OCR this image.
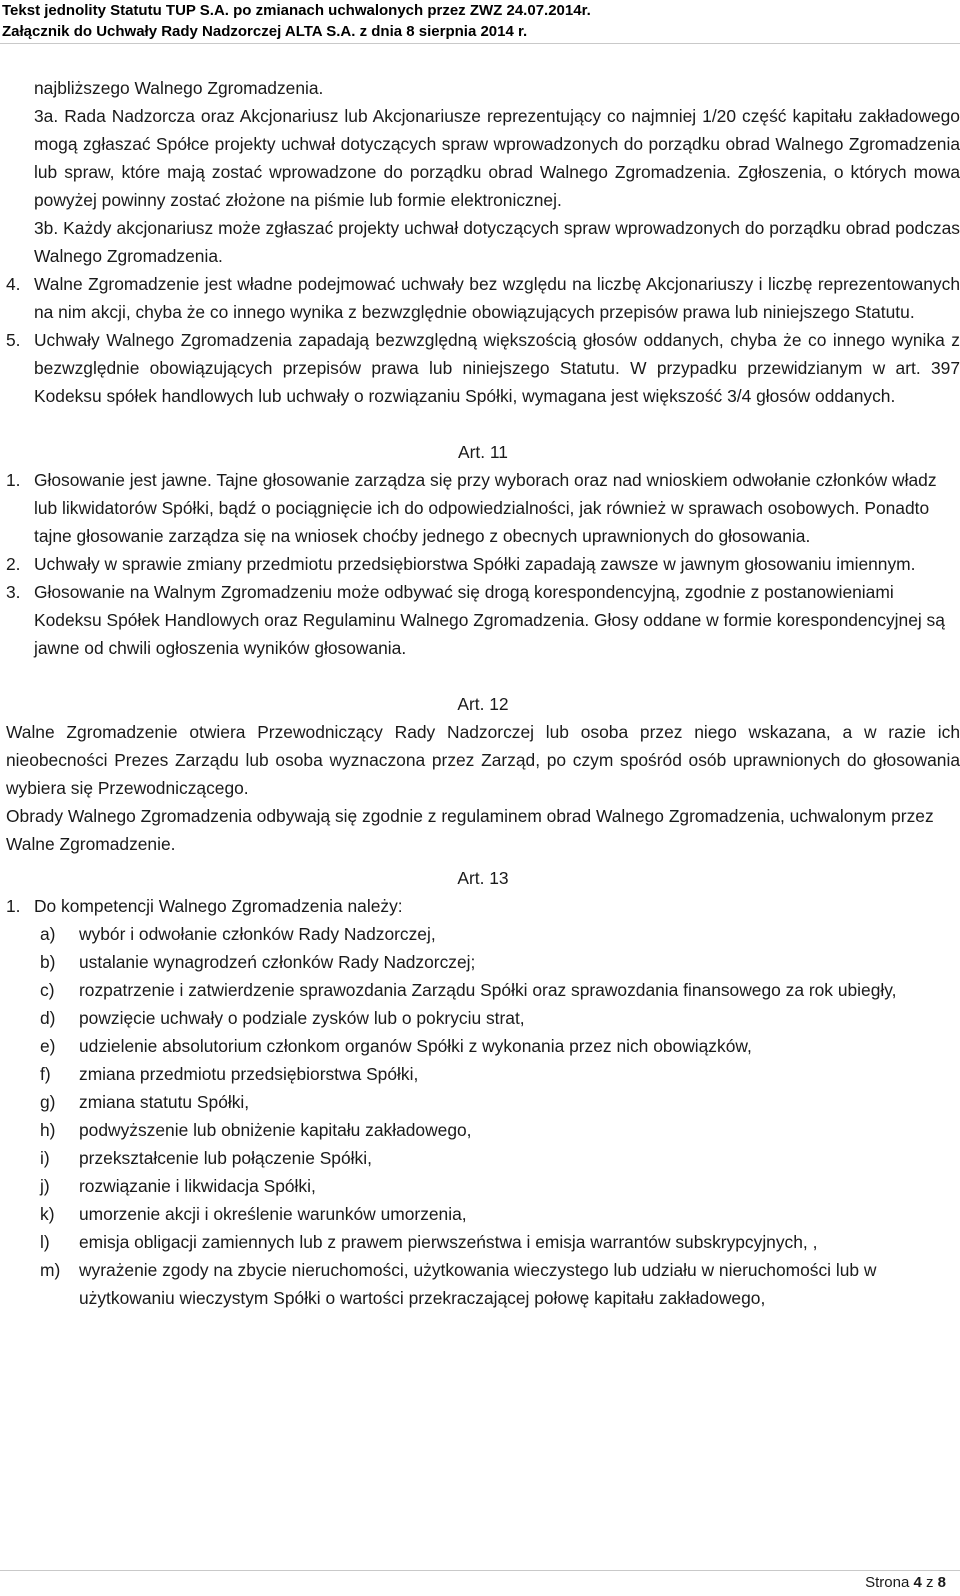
Tekst jednolity Statutu TUP S.A. po zmianach uchwalonych przez ZWZ 24.07.2014r.
Załącznik do Uchwały Rady Nadzorczej ALTA S.A. z dnia 8 sierpnia 2014 r.

najbliższego Walnego Zgromadzenia.

3a. Rada Nadzorcza oraz Akcjonariusz lub Akcjonariusze reprezentujący co najmniej 1/20 część kapitału zakładowego mogą zgłaszać Spółce projekty uchwał dotyczących spraw wprowadzonych do porządku obrad Walnego Zgromadzenia lub spraw, które mają zostać wprowadzone do porządku obrad Walnego Zgromadzenia. Zgłoszenia, o których mowa powyżej powinny zostać złożone na piśmie lub formie elektronicznej.

3b. Każdy akcjonariusz może zgłaszać projekty uchwał dotyczących spraw wprowadzonych do porządku obrad podczas Walnego Zgromadzenia.

4. Walne Zgromadzenie jest władne podejmować uchwały bez względu na liczbę Akcjonariuszy i liczbę reprezentowanych na nim akcji, chyba że co innego wynika z bezwzględnie obowiązujących przepisów prawa lub niniejszego Statutu.

5. Uchwały Walnego Zgromadzenia zapadają bezwzględną większością głosów oddanych, chyba że co innego wynika z bezwzględnie obowiązujących przepisów prawa lub niniejszego Statutu. W przypadku przewidzianym w art. 397 Kodeksu spółek handlowych lub uchwały o rozwiązaniu Spółki, wymagana jest większość 3/4 głosów oddanych.

Art. 11

1. Głosowanie jest jawne. Tajne głosowanie zarządza się przy wyborach oraz nad wnioskiem odwołanie członków władz lub likwidatorów Spółki, bądź o pociągnięcie ich do odpowiedzialności, jak również w sprawach osobowych. Ponadto tajne głosowanie zarządza się na wniosek choćby jednego z obecnych uprawnionych do głosowania.

2. Uchwały w sprawie zmiany przedmiotu przedsiębiorstwa Spółki zapadają zawsze w jawnym głosowaniu imiennym.

3. Głosowanie na Walnym Zgromadzeniu może odbywać się drogą korespondencyjną, zgodnie z postanowieniami Kodeksu Spółek Handlowych oraz Regulaminu Walnego Zgromadzenia. Głosy oddane w formie korespondencyjnej są jawne od chwili ogłoszenia wyników głosowania.

Art. 12

Walne Zgromadzenie otwiera Przewodniczący Rady Nadzorczej lub osoba przez niego wskazana, a w razie ich nieobecności Prezes Zarządu lub osoba wyznaczona przez Zarząd, po czym spośród osób uprawnionych do głosowania wybiera się Przewodniczącego.

Obrady Walnego Zgromadzenia odbywają się zgodnie z regulaminem obrad Walnego Zgromadzenia, uchwalonym przez Walne Zgromadzenie.

Art. 13

1. Do kompetencji Walnego Zgromadzenia należy:

a) wybór i odwołanie członków Rady Nadzorczej,
b) ustalanie wynagrodzeń członków Rady Nadzorczej;
c) rozpatrzenie i zatwierdzenie sprawozdania Zarządu Spółki oraz sprawozdania finansowego za rok ubiegły,
d) powzięcie uchwały o podziale zysków lub o pokryciu strat,
e) udzielenie absolutorium członkom organów Spółki z wykonania przez nich obowiązków,
f) zmiana przedmiotu przedsiębiorstwa Spółki,
g) zmiana statutu Spółki,
h) podwyższenie lub obniżenie kapitału zakładowego,
i) przekształcenie lub połączenie Spółki,
j) rozwiązanie i likwidacja Spółki,
k) umorzenie akcji i określenie warunków umorzenia,
l) emisja obligacji zamiennych lub z prawem pierwszeństwa i emisja warrantów subskrypcyjnych, ,
m) wyrażenie zgody na zbycie nieruchomości, użytkowania wieczystego lub udziału w nieruchomości lub w użytkowaniu wieczystym Spółki o wartości przekraczającej połowę kapitału zakładowego,
Strona 4 z 8
